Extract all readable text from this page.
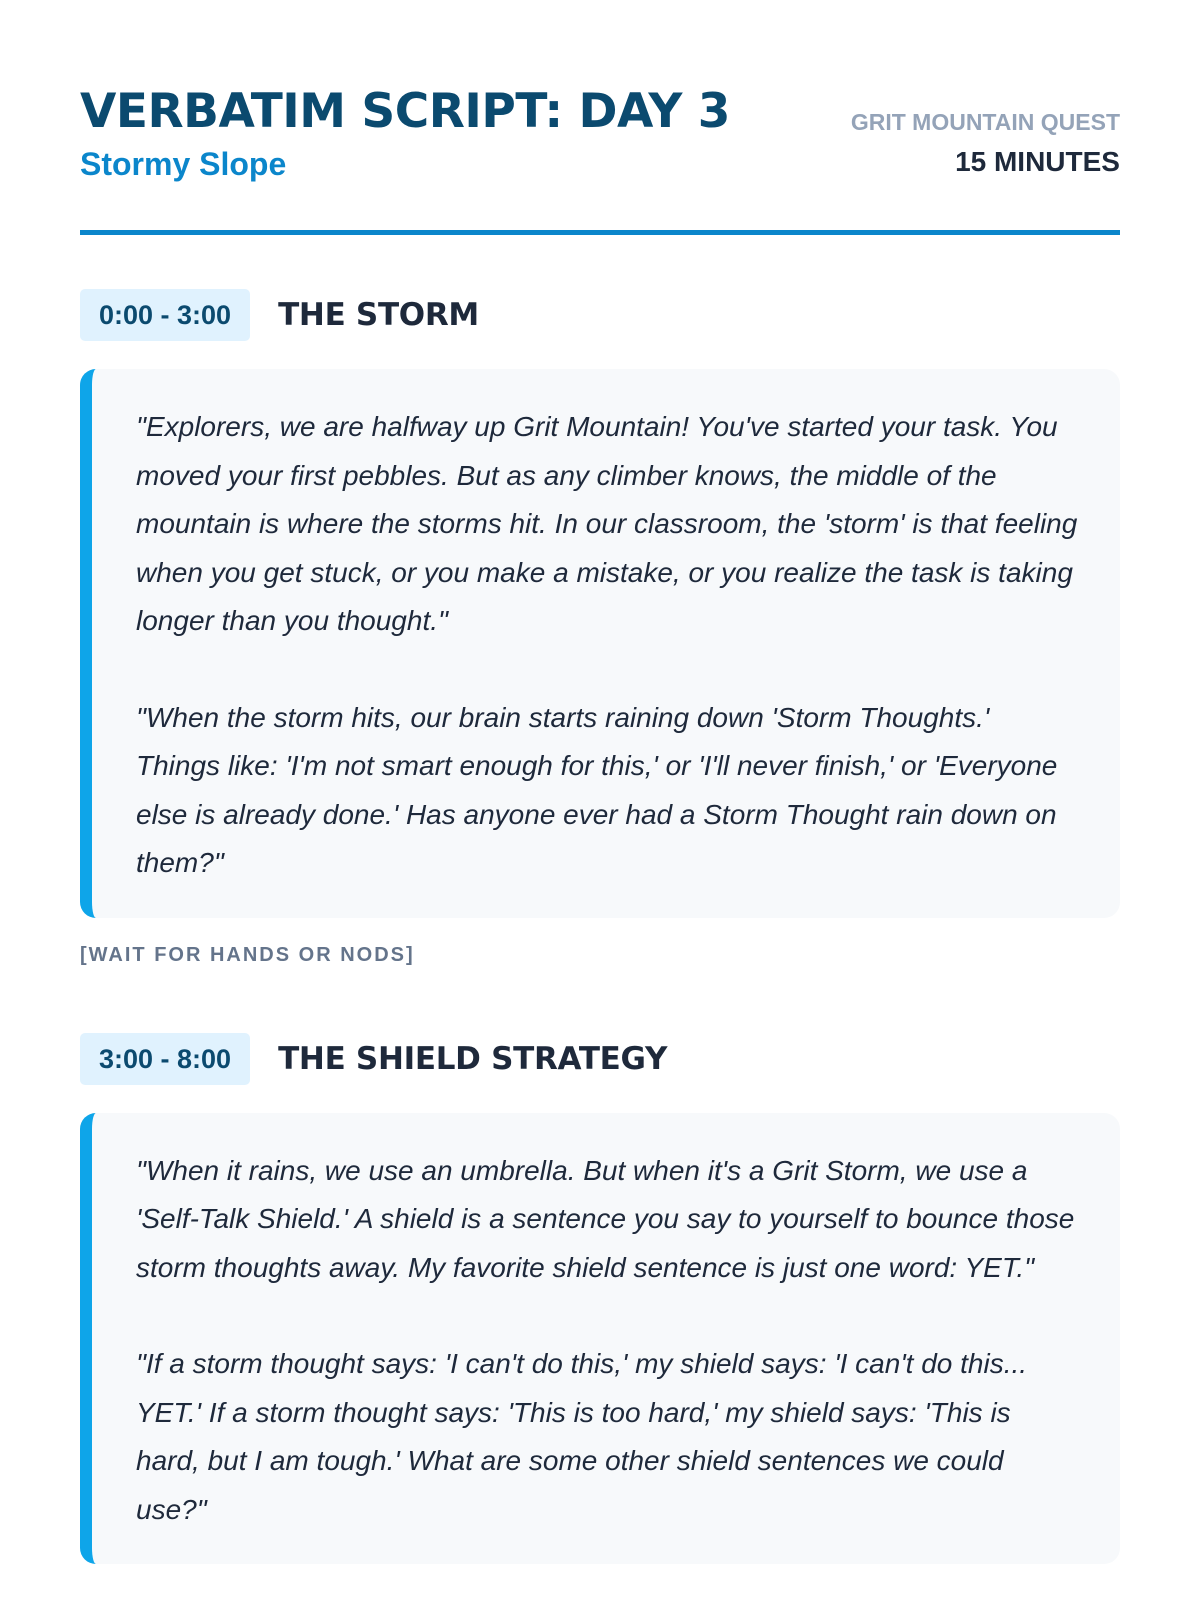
VERBATIM SCRIPT: DAY 3
Stormy Slope
GRIT MOUNTAIN QUEST
15 MINUTES
0:00 - 3:00	THE STORM

"Explorers, we are halfway up Grit Mountain! You've started your task. You moved your first pebbles. But as any climber knows, the middle of the mountain is where the storms hit. In our classroom, the 'storm' is that feeling when you get stuck, or you make a mistake, or you realize the task is taking longer than you thought."

"When the storm hits, our brain starts raining down 'Storm Thoughts.' Things like: 'I'm not smart enough for this,' or 'I'll never finish,' or 'Everyone else is already done.' Has anyone ever had a Storm Thought rain down on them?"

[WAIT FOR HANDS OR NODS]
3:00 - 8:00	THE SHIELD STRATEGY

"When it rains, we use an umbrella. But when it's a Grit Storm, we use a 'Self-Talk Shield.' A shield is a sentence you say to yourself to bounce those storm thoughts away. My favorite shield sentence is just one word: YET."

"If a storm thought says: 'I can't do this,' my shield says: 'I can't do this... YET.' If a storm thought says: 'This is too hard,' my shield says: 'This is hard, but I am tough.' What are some other shield sentences we could use?"
